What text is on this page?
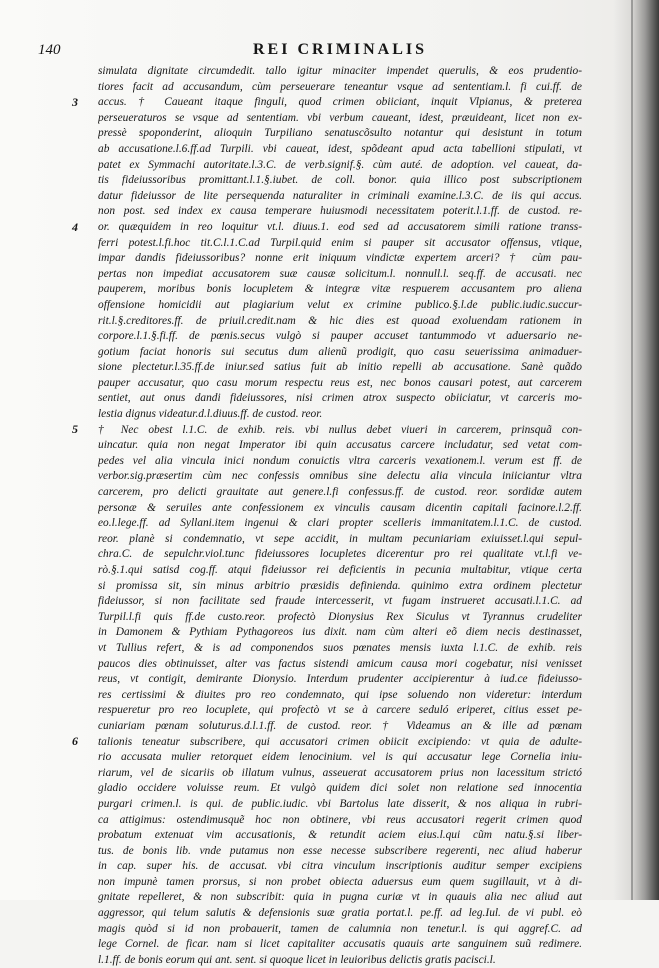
140	REI CRIMINALIS
3
4
5
6
simulata dignitate circumdedit. tallo igitur minaciter impendet querulis, & eos prudentio-
tiores facit ad accusandum, cùm perseuerare teneantur vsque ad sententiam.l. fi cui.ff. de
accus. † Caueant itaque finguli, quod crimen obiiciant, inquit Vlpianus, & preterea
perseueraturos se vsque ad sententiam. vbi verbum caueant, idest, præuideant, licet non ex-
pressè spoponderint, alioquin Turpiliano senatuscõsulto notantur qui desistunt in totum
ab accusatione.l.6.ff.ad Turpili. vbi caueat, idest, spõdeant apud acta tabellioni stipulati, vt
patet ex Symmachi autoritate.l.3.C. de verb.signif.§. cùm auté. de adoption. vel caueat, da-
tis fideiussoribus promittant.l.1.§.iubet. de coll. bonor. quia illico post subscriptionem
datur fideiussor de lite persequenda naturaliter in criminali examine.l.3.C. de iis qui accus.
non post. sed index ex causa temperare huiusmodi necessitatem poterit.l.1.ff. de custod. re-
or. quæquidem in reo loquitur vt.l. diuus.1. eod sed ad accusatorem simili ratione transs-
ferri potest.l.fi.hoc tit.C.l.1.C.ad Turpil.quid enim si pauper sit accusator offensus, vtique,
impar dandis fideiussoribus? nonne erit iniquum vindictæ expertem arceri? † cùm pau-
pertas non impediat accusatorem suæ causæ solicitum.l. nonnull.l. seq.ff. de accusati. nec
pauperem, moribus bonis locupletem & integræ vitæ respuerem accusantem pro aliena
offensione homicidii aut plagiarium velut ex crimine publico.§.l.de public.iudic.succur-
rit.l.§.creditores.ff. de priuil.credit.nam & hic dies est quoad exoluendam rationem in
corpore.l.1.§.fi.ff. de pœnis.secus vulgò si pauper accuset tantummodo vt aduersario ne-
gotium faciat honoris sui secutus dum alienũ prodigit, quo casu seuerissima animaduer-
sione plectetur.l.35.ff.de iniur.sed satius fuit ab initio repelli ab accusatione. Sanè quãdo
pauper accusatur, quo casu morum respectu reus est, nec bonos causari potest, aut carcerem
sentiet, aut onus dandi fideiussores, nisi crimen atrox suspecto obiiciatur, vt carceris mo-
lestia dignus videatur.d.l.diuus.ff. de custod. reor.
† Nec obest l.1.C. de exhib. reis. vbi nullus debet viueri in carcerem, prinsquã con-
uincatur. quia non negat Imperator ibi quin accusatus carcere includatur, sed vetat com-
pedes vel alia vincula inici nondum conuictis vltra carceris vexationem.l. verum est ff. de
verbor.sig.præsertim cùm nec confessis omnibus sine delectu alia vincula iniiciantur vltra
carcerem, pro delicti grauitate aut genere.l.fi confessus.ff. de custod. reor. sordidæ autem
personæ & seruiles ante confessionem ex vinculis causam dicentin capitali facinore.l.2.ff.
eo.l.lege.ff. ad Syllani.item ingenui & clari propter scelleris immanitatem.l.1.C. de custod.
reor. planè si condemnatio, vt sepe accidit, in multam pecuniariam exiuisset.l.qui sepul-
chra.C. de sepulchr.viol.tunc fideiussores locupletes dicerentur pro rei qualitate vt.l.fi ve-
rò.§.1.qui satisd cog.ff. atqui fideiussor rei deficientis in pecunia multabitur, vtique certa
si promissa sit, sin minus arbitrio præsidis definienda. quinimo extra ordinem plectetur
fideiussor, si non facilitate sed fraude intercesserit, vt fugam instrueret accusati.l.1.C. ad
Turpil.l.fi quis ff.de custo.reor. profectò Dionysius Rex Siculus vt Tyrannus crudeliter
in Damonem & Pythiam Pythagoreos ius dixit. nam cùm alteri eõ diem necis destinasset,
vt Tullius refert, & is ad componendos suos pœnates mensis iuxta l.1.C. de exhib. reis
paucos dies obtinuisset, alter vas factus sistendi amicum causa mori cogebatur, nisi venisset
reus, vt contigit, demirante Dionysio. Interdum prudenter accipierentur à iud.ce fideiusso-
res certissimi & diuites pro reo condemnato, qui ipse soluendo non videretur: interdum
respueretur pro reo locuplete, qui profectò vt se à carcere seduló eriperet, citius esset pe-
cuniariam pœnam soluturus.d.l.1.ff. de custod. reor. † Videamus an & ille ad pœnam
talionis teneatur subscribere, qui accusatori crimen obiicit excipiendo: vt quia de adulte-
rio accusata mulier retorquet eidem lenocinium. vel is qui accusatur lege Cornelia iniu-
riarum, vel de sicariis ob illatum vulnus, asseuerat accusatorem prius non lacessitum strictó
gladio occidere voluisse reum. Et vulgò quidem dici solet non relatione sed innocentia
purgari crimen.l. is qui. de public.iudic. vbi Bartolus late disserit, & nos aliqua in rubri-
ca attigimus: ostendimusquẽ hoc non obtinere, vbi reus accusatori regerit crimen quod
probatum extenuat vim accusationis, & retundit aciem eius.l.qui cũm natu.§.si liber-
tus. de bonis lib. vnde putamus non esse necesse subscribere regerenti, nec aliud haberur
in cap. super his. de accusat. vbi citra vinculum inscriptionis auditur semper excipiens
non impunè tamen prorsus, si non probet obiecta aduersus eum quem sugillauit, vt à di-
gnitate repelleret, & non subscribit: quia in pugna curiæ vt in quauis alia nec aliud aut
aggressor, qui telum salutis & defensionis suæ gratia portat.l. pe.ff. ad leg.Iul. de vi publ. eò
magis quòd si id non probauerit, tamen de calumnia non tenetur.l. is qui aggref.C. ad
lege Cornel. de ficar. nam si licet capitaliter accusatis quauis arte sanguinem suũ redimere.
l.1.ff. de bonis eorum qui ant. sent. si quoque licet in leuioribus delictis gratis pacisci.l.
